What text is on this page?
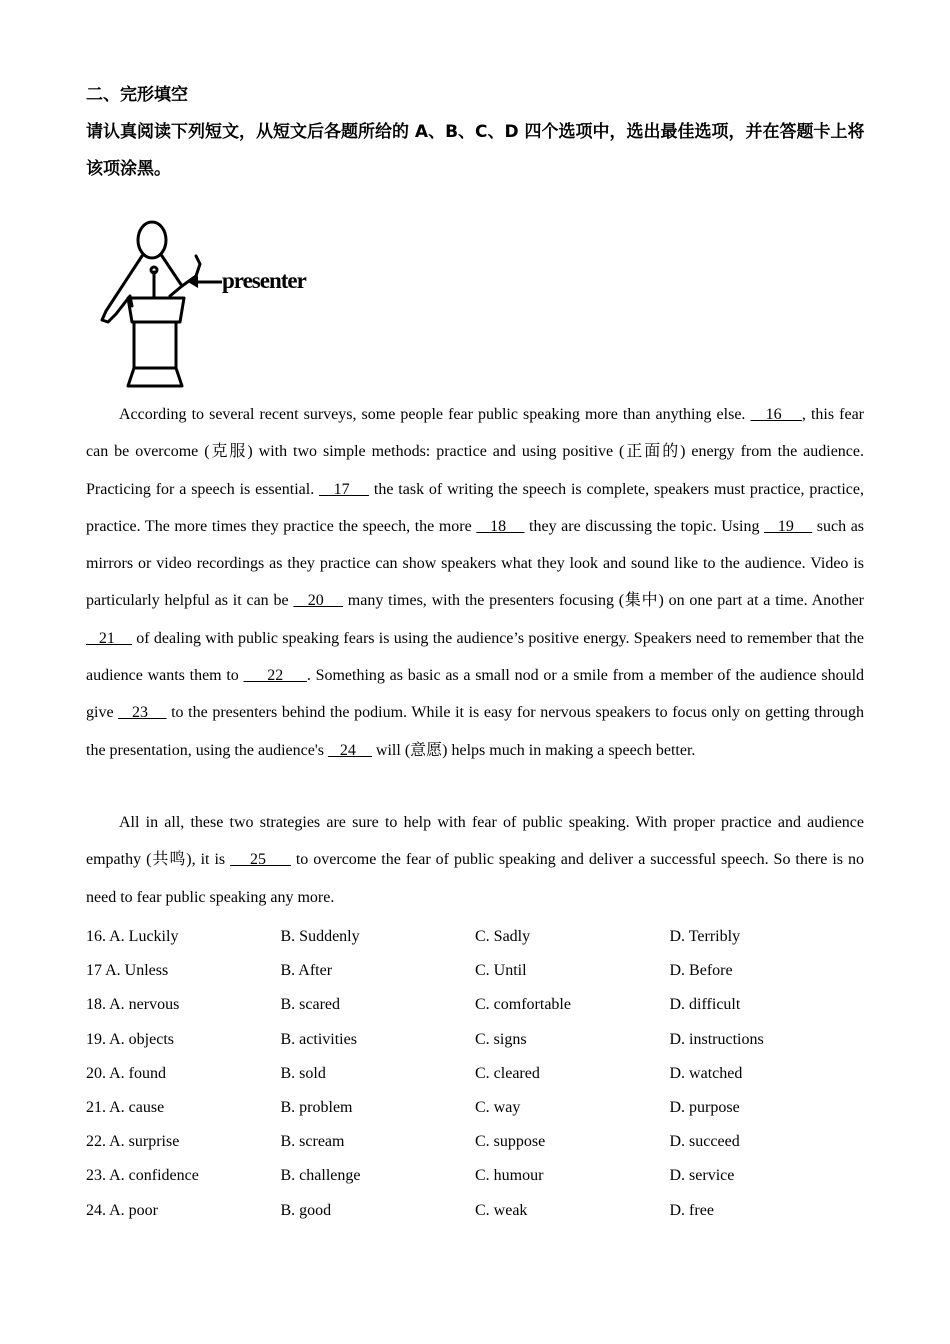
二、完形填空
请认真阅读下列短文，从短文后各题所给的 A、B、C、D 四个选项中，选出最佳选项，并在答题卡上将该项涂黑。
presenter
According to several recent surveys, some people fear public speaking more than anything else.    16    , this fear can be overcome (克服) with two simple methods: practice and using positive (正面的) energy from the audience. Practicing for a speech is essential.    17     the task of writing the speech is complete, speakers must practice, practice, practice. The more times they practice the speech, the more    18     they are discussing the topic. Using    19     such as mirrors or video recordings as they practice can show speakers what they look and sound like to the audience. Video is particularly helpful as it can be    20     many times, with the presenters focusing (集中) on one part at a time. Another    21     of dealing with public speaking fears is using the audience’s positive energy. Speakers need to remember that the audience wants them to      22     . Something as basic as a small nod or a smile from a member of the audience should give    23     to the presenters behind the podium. While it is easy for nervous speakers to focus only on getting through the presentation, using the audience's    24     will (意愿) helps much in making a speech better.
All in all, these two strategies are sure to help with fear of public speaking. With proper practice and audience empathy (共鸣), it is     25      to overcome the fear of public speaking and deliver a successful speech. So there is no need to fear public speaking any more.
16. A. Luckily	B. Suddenly	C. Sadly	D. Terribly
17 A. Unless	B. After	C. Until	D. Before
18. A. nervous	B. scared	C. comfortable	D. difficult
19. A. objects	B. activities	C. signs	D. instructions
20. A. found	B. sold	C. cleared	D. watched
21. A. cause	B. problem	C. way	D. purpose
22. A. surprise	B. scream	C. suppose	D. succeed
23. A. confidence	B. challenge	C. humour	D. service
24. A. poor	B. good	C. weak	D. free
